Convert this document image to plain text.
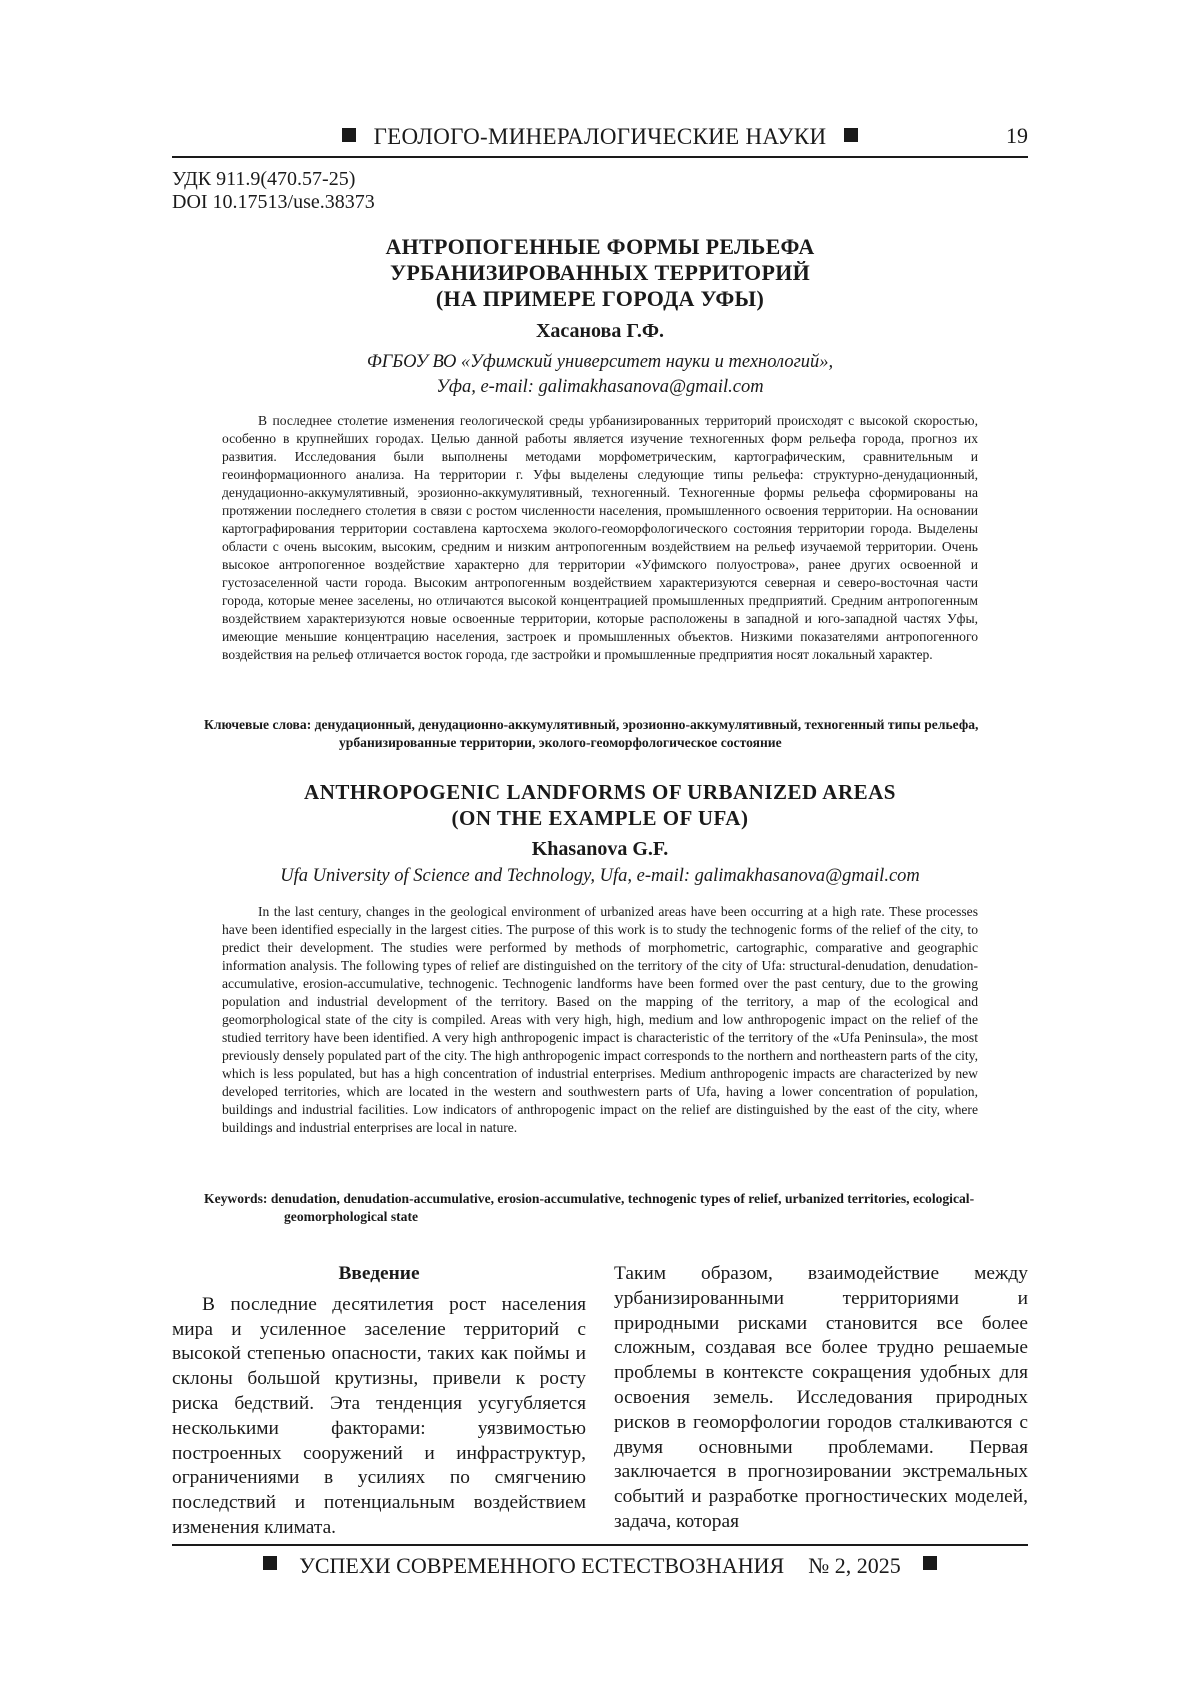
ГЕОЛОГО-МИНЕРАЛОГИЧЕСКИЕ НАУКИ	19
УДК 911.9(470.57-25)
DOI 10.17513/use.38373
АНТРОПОГЕННЫЕ ФОРМЫ РЕЛЬЕФА
УРБАНИЗИРОВАННЫХ ТЕРРИТОРИЙ
(НА ПРИМЕРЕ ГОРОДА УФЫ)
Хасанова Г.Ф.
ФГБОУ ВО «Уфимский университет науки и технологий»,
Уфа, e-mail: galimakhasanova@gmail.com

В последнее столетие изменения геологической среды урбанизированных территорий происходят с высокой скоростью, особенно в крупнейших городах. Целью данной работы является изучение техногенных форм рельефа города, прогноз их развития. Исследования были выполнены методами морфометрическим, картографическим, сравнительным и геоинформационного анализа. На территории г. Уфы выделены следующие типы рельефа: структурно-денудационный, денудационно-аккумулятивный, эрозионно-аккумулятивный, техногенный. Техногенные формы рельефа сформированы на протяжении последнего столетия в связи с ростом численности населения, промышленного освоения территории. На основании картографирования территории составлена картосхема эколого-геоморфологического состояния территории города. Выделены области с очень высоким, высоким, средним и низким антропогенным воздействием на рельеф изучаемой территории. Очень высокое антропогенное воздействие характерно для территории «Уфимского полуострова», ранее других освоенной и густозаселенной части города. Высоким антропогенным воздействием характеризуются северная и северо-восточная части города, которые менее заселены, но отличаются высокой концентрацией промышленных предприятий. Средним антропогенным воздействием характеризуются новые освоенные территории, которые расположены в западной и юго-западной частях Уфы, имеющие меньшие концентрацию населения, застроек и промышленных объектов. Низкими показателями антропогенного воздействия на рельеф отличается восток города, где застройки и промышленные предприятия носят локальный характер.

Ключевые слова: денудационный, денудационно-аккумулятивный, эрозионно-аккумулятивный, техногенный типы рельефа, урбанизированные территории, эколого-геоморфологическое состояние
ANTHROPOGENIC LANDFORMS OF URBANIZED AREAS
(ON THE EXAMPLE OF UFA)
Khasanova G.F.
Ufa University of Science and Technology, Ufa, e-mail: galimakhasanova@gmail.com

In the last century, changes in the geological environment of urbanized areas have been occurring at a high rate. These processes have been identified especially in the largest cities. The purpose of this work is to study the technogenic forms of the relief of the city, to predict their development. The studies were performed by methods of morphometric, cartographic, comparative and geographic information analysis. The following types of relief are distinguished on the territory of the city of Ufa: structural-denudation, denudation-accumulative, erosion-accumulative, technogenic. Technogenic landforms have been formed over the past century, due to the growing population and industrial development of the territory. Based on the mapping of the territory, a map of the ecological and geomorphological state of the city is compiled. Areas with very high, high, medium and low anthropogenic impact on the relief of the studied territory have been identified. A very high anthropogenic impact is characteristic of the territory of the «Ufa Peninsula», the most previously densely populated part of the city. The high anthropogenic impact corresponds to the northern and northeastern parts of the city, which is less populated, but has a high concentration of industrial enterprises. Medium anthropogenic impacts are characterized by new developed territories, which are located in the western and southwestern parts of Ufa, having a lower concentration of population, buildings and industrial facilities. Low indicators of anthropogenic impact on the relief are distinguished by the east of the city, where buildings and industrial enterprises are local in nature.

Keywords: denudation, denudation-accumulative, erosion-accumulative, technogenic types of relief, urbanized territories, ecological-geomorphological state
Введение

В последние десятилетия рост населения мира и усиленное заселение территорий с высокой степенью опасности, таких как поймы и склоны большой крутизны, привели к росту риска бедствий. Эта тенденция усугубляется несколькими факторами: уязвимостью построенных сооружений и инфраструктур, ограничениями в усилиях по смягчению последствий и потенциальным воздействием изменения климата.

Таким образом, взаимодействие между урбанизированными территориями и природными рисками становится все более сложным, создавая все более трудно решаемые проблемы в контексте сокращения удобных для освоения земель. Исследования природных рисков в геоморфологии городов сталкиваются с двумя основными проблемами. Первая заключается в прогнозировании экстремальных событий и разработке прогностических моделей, задача, которая

УСПЕХИ СОВРЕМЕННОГО ЕСТЕСТВОЗНАНИЯ № 2, 2025
